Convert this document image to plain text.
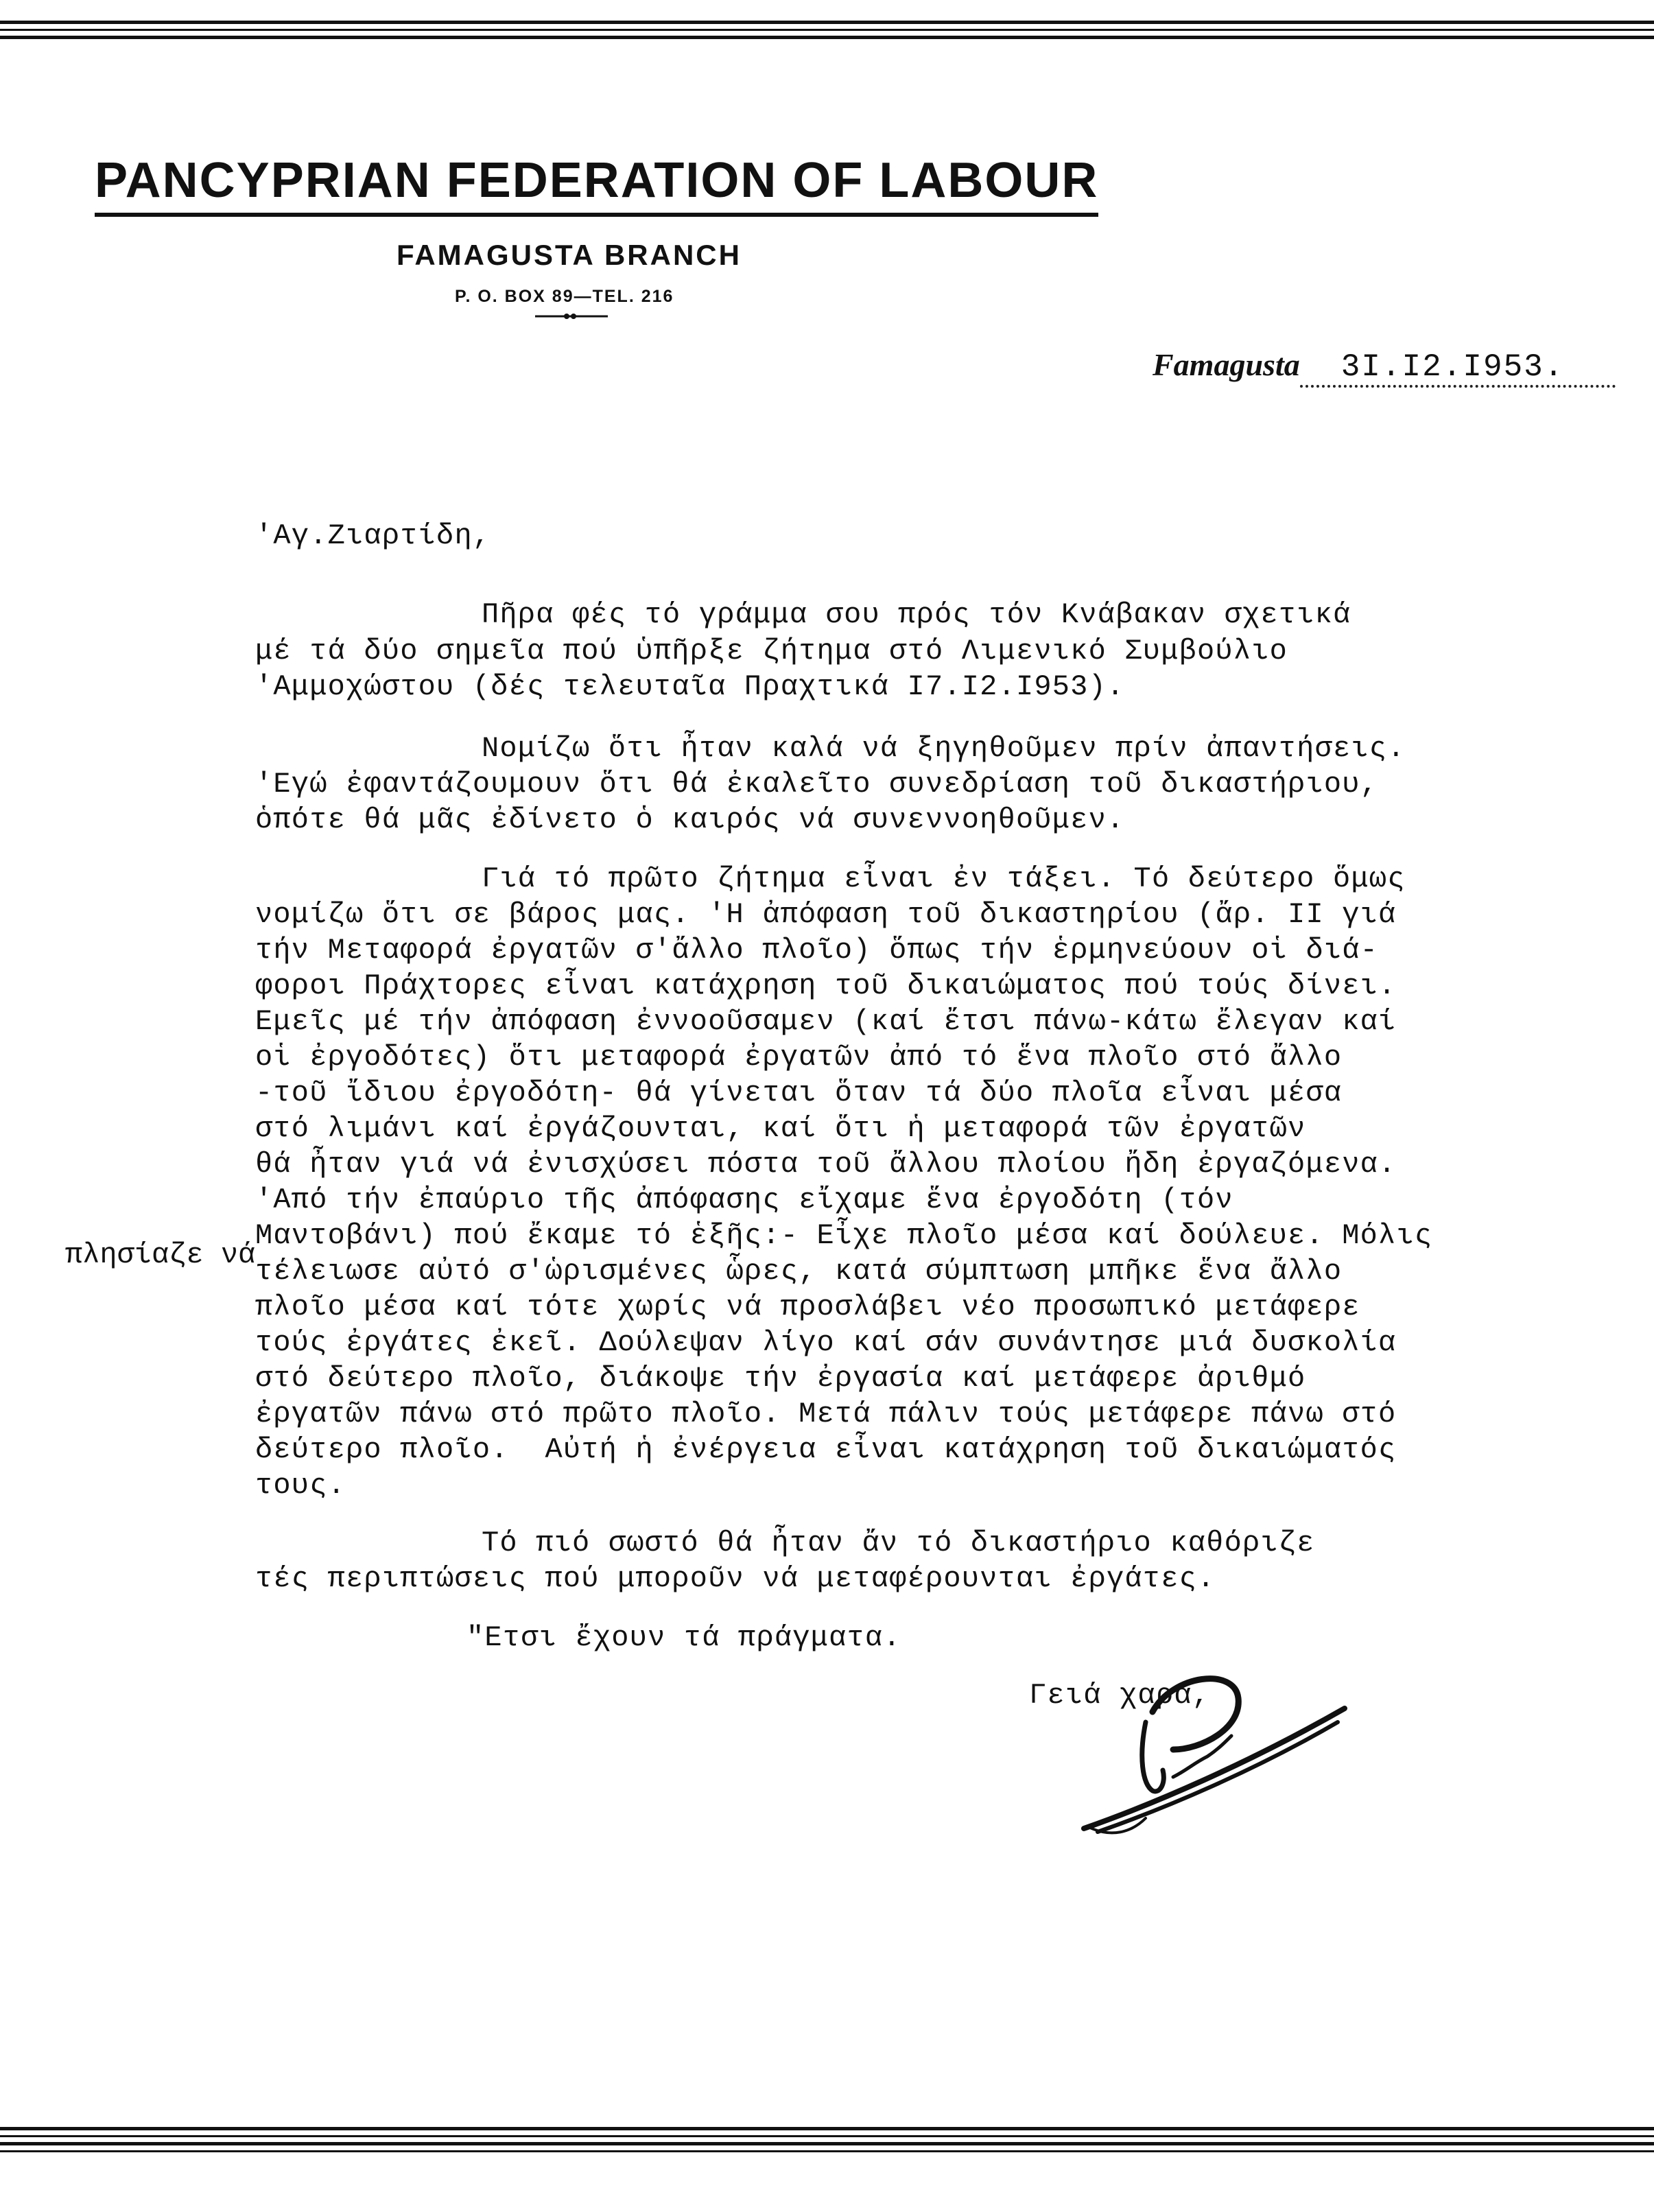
PANCYPRIAN FEDERATION OF LABOUR
FAMAGUSTA BRANCH
P. O. BOX 89—TEL. 216
Famagusta 3I.I2.I953.
'Αγ.Ζιαρτίδη,
Πῆρα φές τό γράμμα σου πρός τόν Κνάβακαν σχετικά
μέ τά δύο σημεῖα πού ὑπῆρξε ζήτημα στό Λιμενικό Συμβούλιο
'Αμμοχώστου (δές τελευταῖα Πραχτικά I7.I2.I953).
Νομίζω ὅτι ἦταν καλά νά ξηγηθοῦμεν πρίν ἀπαντήσεις.
'Εγώ ἐφαντάζουμουν ὅτι θά ἐκαλεῖτο συνεδρίαση τοῦ δικαστήριου,
ὁπότε θά μᾶς ἐδίνετο ὁ καιρός νά συνεννοηθοῦμεν.
Γιά τό πρῶτο ζήτημα εἶναι ἐν τάξει. Τό δεύτερο ὅμως
νομίζω ὅτι σε βάρος μας. 'Η ἀπόφαση τοῦ δικαστηρίου (ἄρ. II γιά
τήν Μεταφορά ἐργατῶν σ'ἄλλο πλοῖο) ὅπως τήν ἑρμηνεύουν οἱ διά-
φοροι Πράχτορες εἶναι κατάχρηση τοῦ δικαιώματος πού τούς δίνει.
Εμεῖς μέ τήν ἀπόφαση ἐννοοῦσαμεν (καί ἔτσι πάνω-κάτω ἔλεγαν καί
οἱ ἐργοδότες) ὅτι μεταφορά ἐργατῶν ἀπό τό ἕνα πλοῖο στό ἄλλο
-τοῦ ἴδιου ἐργοδότη- θά γίνεται ὅταν τά δύο πλοῖα εἶναι μέσα
στό λιμάνι καί ἐργάζουνται, καί ὅτι ἡ μεταφορά τῶν ἐργατῶν
θά ἦταν γιά νά ἐνισχύσει πόστα τοῦ ἄλλου πλοίου ἤδη ἐργαζόμενα.
'Από τήν ἐπαύριο τῆς ἀπόφασης εἴχαμε ἕνα ἐργοδότη (τόν
Μαντοβάνι) πού ἔκαμε τό ἑξῆς:- Εἶχε πλοῖο μέσα καί δούλευε. Μόλις
τέλειωσε αὐτό σ'ὡρισμένες ὧρες, κατά σύμπτωση μπῆκε ἕνα ἄλλο
πλοῖο μέσα καί τότε χωρίς νά προσλάβει νέο προσωπικό μετάφερε
τούς ἐργάτες ἐκεῖ. Δούλεψαν λίγο καί σάν συνάντησε μιά δυσκολία
στό δεύτερο πλοῖο, διάκοψε τήν ἐργασία καί μετάφερε ἀριθμό
ἐργατῶν πάνω στό πρῶτο πλοῖο. Μετά πάλιν τούς μετάφερε πάνω στό
δεύτερο πλοῖο.  Αὐτή ἡ ἐνέργεια εἶναι κατάχρηση τοῦ δικαιώματός
τους.
πλησίαζε νά
Τό πιό σωστό θά ἦταν ἄν τό δικαστήριο καθόριζε
τές περιπτώσεις πού μποροῦν νά μεταφέρουνται ἐργάτες.
"Ετσι ἔχουν τά πράγματα.
Γειά χαρά,
